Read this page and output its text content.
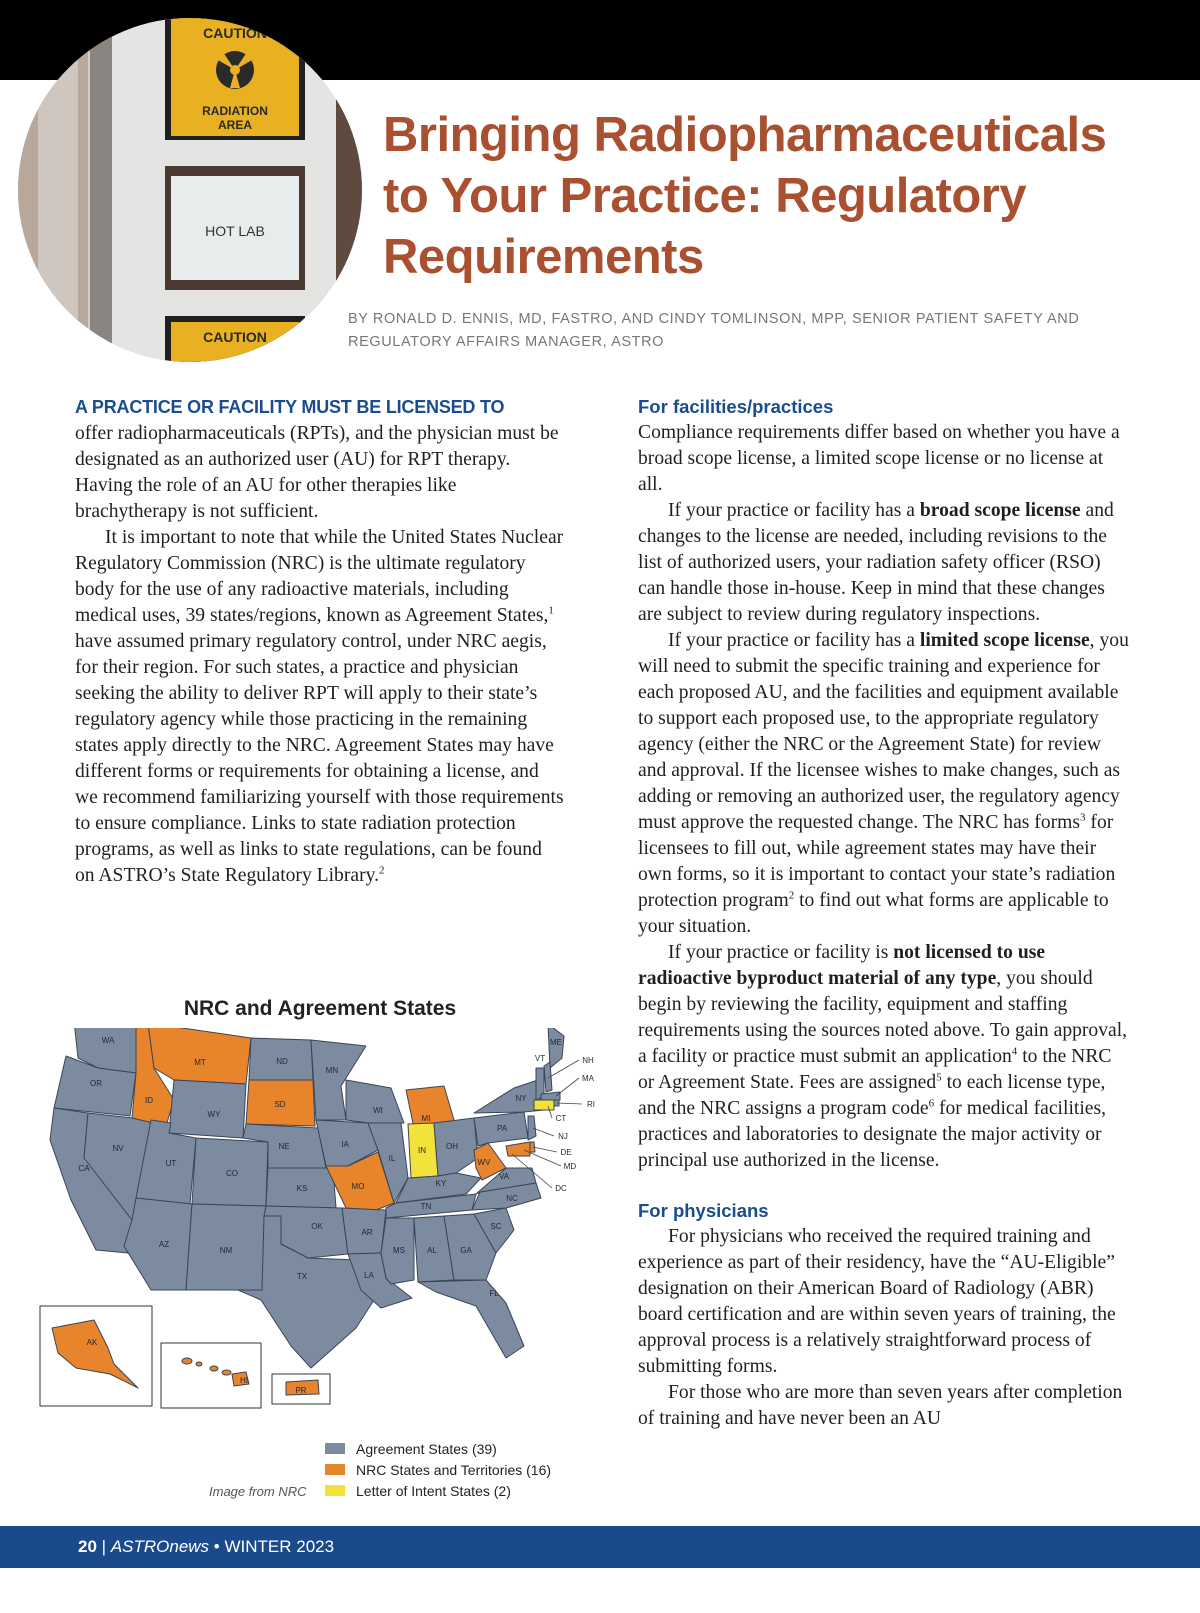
CAUTION
RADIATION
AREA
HOT LAB
CAUTION
Bringing Radiopharmaceuticals
to Your Practice: Regulatory
Requirements
BY RONALD D. ENNIS, MD, FASTRO, AND CINDY TOMLINSON, MPP, SENIOR PATIENT SAFETY AND
REGULATORY AFFAIRS MANAGER, ASTRO

A PRACTICE OR FACILITY MUST BE LICENSED TO
offer radiopharmaceuticals (RPTs), and the physician must be designated as an authorized user (AU) for RPT therapy. Having the role of an AU for other therapies like brachytherapy is not sufficient.

It is important to note that while the United States Nuclear Regulatory Commission (NRC) is the ultimate regulatory body for the use of any radioactive materials, including medical uses, 39 states/regions, known as Agreement States,$^1$ have assumed primary regulatory control, under NRC aegis, for their region. For such states, a practice and physician seeking the ability to deliver RPT will apply to their state’s regulatory agency while those practicing in the remaining states apply directly to the NRC. Agreement States may have different forms or requirements for obtaining a license, and we recommend familiarizing yourself with those requirements to ensure compliance. Links to state radiation protection programs, as well as links to state regulations, can be found on ASTRO’s State Regulatory Library.$^2$

NRC and Agreement States
WA
OR
CA
NV
ID
MT
WY
UT
AZ
CO
NM
ND
SD
NE
KS
OK
TX
MN
IA
MO
AR
LA
WI
IL
MI
IN	OH
KY
TN
MS	AL	GA
FL
SC
NC
VA
WV
PA
NY
VT
ME
NH
MA
RI
CT
NJ
DE
MD
DC
AK
HI
PR
Agreement States (39)
NRC States and Territories (16)
Letter of Intent States (2)
Image from NRC
For facilities/practices

Compliance requirements differ based on whether you have a broad scope license, a limited scope license or no license at all.

If your practice or facility has a broad scope license and changes to the license are needed, including revisions to the list of authorized users, your radiation safety officer (RSO) can handle those in-house. Keep in mind that these changes are subject to review during regulatory inspections.

If your practice or facility has a limited scope license, you will need to submit the specific training and experience for each proposed AU, and the facilities and equipment available to support each proposed use, to the appropriate regulatory agency (either the NRC or the Agreement State) for review and approval. If the licensee wishes to make changes, such as adding or removing an authorized user, the regulatory agency must approve the requested change. The NRC has forms$^3$ for licensees to fill out, while agreement states may have their own forms, so it is important to contact your state’s radiation protection program$^2$ to find out what forms are applicable to your situation.

If your practice or facility is not licensed to use radioactive byproduct material of any type, you should begin by reviewing the facility, equipment and staffing requirements using the sources noted above. To gain approval, a facility or practice must submit an application$^4$ to the NRC or Agreement State. Fees are assigned$^5$ to each license type, and the NRC assigns a program code$^6$ for medical facilities, practices and laboratories to designate the major activity or principal use authorized in the license.

For physicians

For physicians who received the required training and experience as part of their residency, have the “AU-Eligible” designation on their American Board of Radiology (ABR) board certification and are within seven years of training, the approval process is a relatively straightforward process of submitting forms.

For those who are more than seven years after completion of training and have never been an AU

20 | ASTROnews • WINTER 2023
